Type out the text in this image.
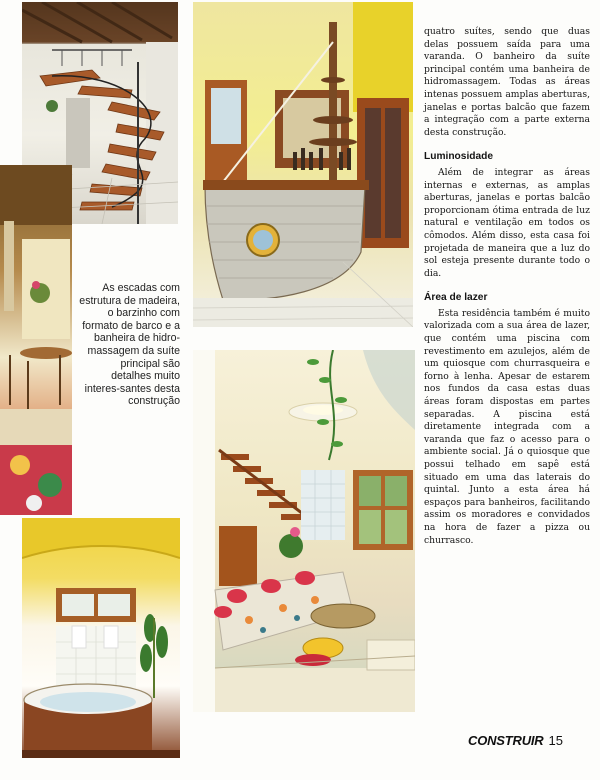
As escadas com estrutura de madeira, o barzinho com formato de barco e a banheira de hidro-massagem da suíte principal são detalhes muito interes-santes desta construção

quatro suítes, sendo que duas delas possuem saída para uma varanda. O banheiro da suíte principal contém uma banheira de hidromassagem. Todas as áreas intenas possuem amplas aberturas, janelas e portas balcão que fazem a integração com a parte externa desta construção.

Luminosidade

Além de integrar as áreas internas e externas, as amplas aberturas, janelas e portas balcão proporcionam ótima entrada de luz natural e ventilação em todos os cômodos. Além disso, esta casa foi projetada de maneira que a luz do sol esteja presente durante todo o dia.

Área de lazer

Esta residência também é muito valorizada com a sua área de lazer, que contém uma piscina com revestimento em azulejos, além de um quiosque com churrasqueira e forno à lenha. Apesar de estarem nos fundos da casa estas duas áreas foram dispostas em partes separadas. A piscina está diretamente integrada com a varanda que faz o acesso para o ambiente social. Já o quiosque que possui telhado em sapê está situado em uma das laterais do quintal. Junto a esta área há espaços para banheiros, facilitando assim os moradores e convidados na hora de fazer a pizza ou churrasco.

CONSTRUIR 15
